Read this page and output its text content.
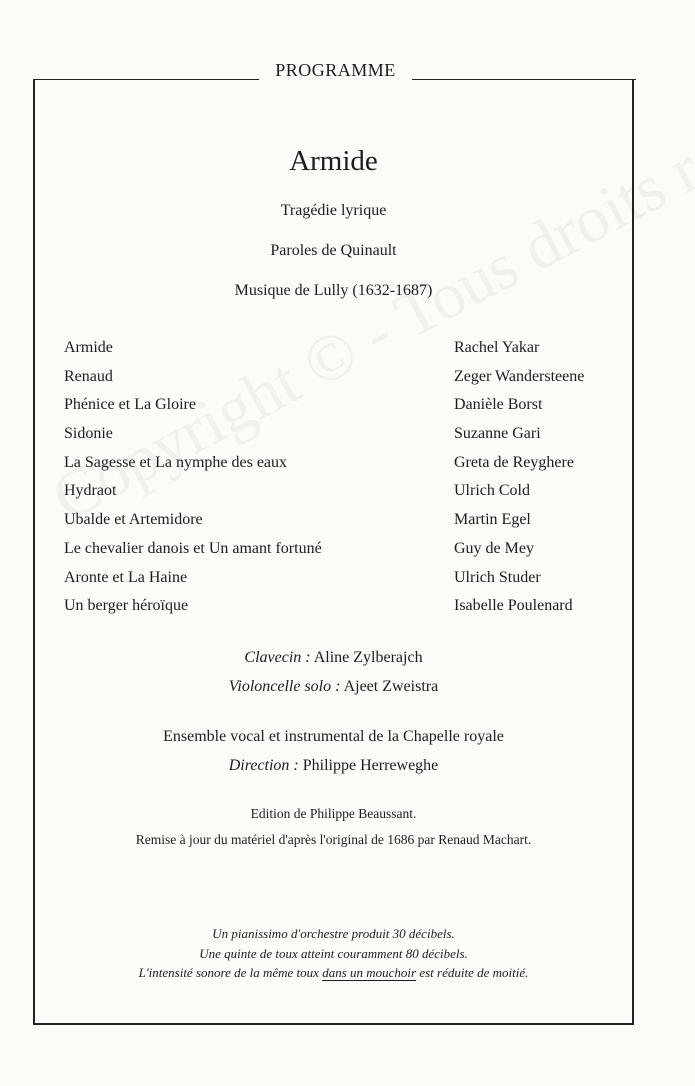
PROGRAMME
Armide
Tragédie lyrique
Paroles de Quinault
Musique de Lully (1632-1687)
Armide	Rachel Yakar
Renaud	Zeger Wandersteene
Phénice et La Gloire	Danièle Borst
Sidonie	Suzanne Gari
La Sagesse et La nymphe des eaux	Greta de Reyghere
Hydraot	Ulrich Cold
Ubalde et Artemidore	Martin Egel
Le chevalier danois et Un amant fortuné	Guy de Mey
Aronte et La Haine	Ulrich Studer
Un berger héroïque	Isabelle Poulenard
Clavecin : Aline Zylberajch
Violoncelle solo : Ajeet Zweistra
Ensemble vocal et instrumental de la Chapelle royale
Direction : Philippe Herreweghe
Edition de Philippe Beaussant.
Remise à jour du matériel d'après l'original de 1686 par Renaud Machart.
Un pianissimo d'orchestre produit 30 décibels.
Une quinte de toux atteint couramment 80 décibels.
L'intensité sonore de la même toux dans un mouchoir est réduite de moitié.
